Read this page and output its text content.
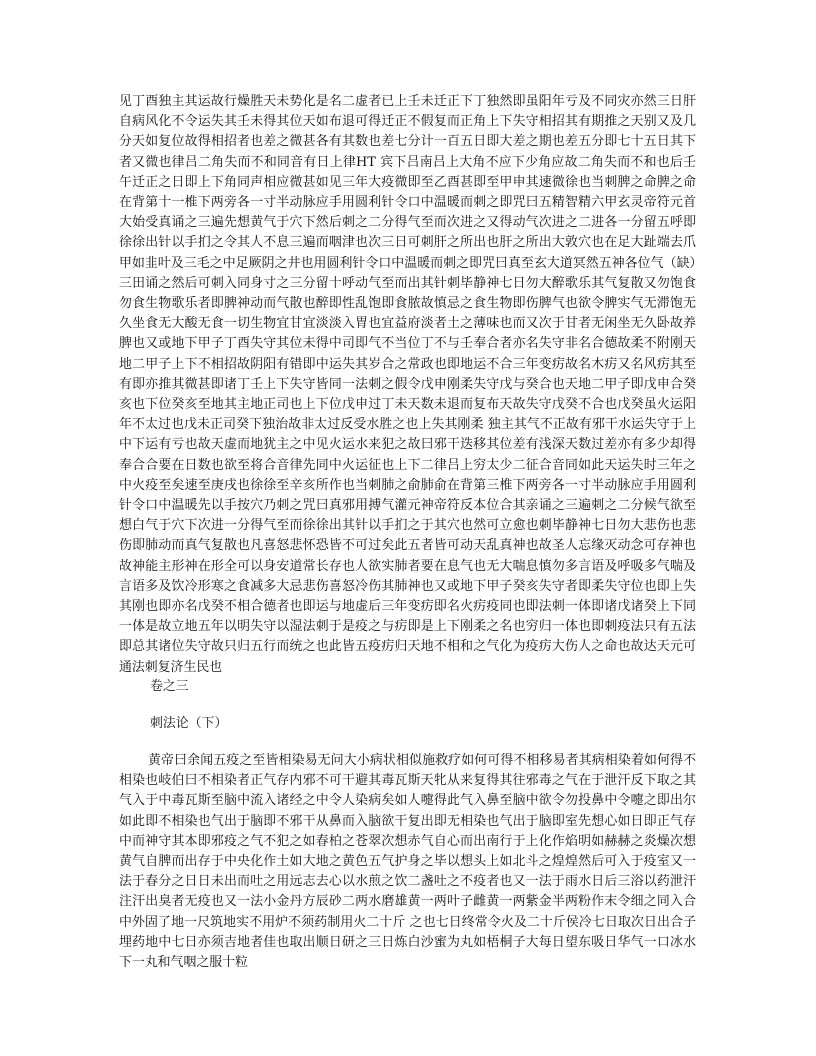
见丁酉独主其运故行燥胜天未势化是名二虚者已上壬未迁正下丁独然即虽阳年亏及不同灾亦然三日肝自病风化不令运失其壬未得其位天如布退可得迁正不假复而正角上下失守相招其有期推之天别又及几分天如复位故得相招者也差之微甚各有其数也差七分计一百五日即大差之期也差五分即七十五日其下者又微也律吕二角失而不和同音有日上律HT 宾下吕南吕上大角不应下少角应故二角失而不和也后壬午迁正之日即上下角同声相应微甚如见三年大疫微即至乙酉甚即至甲申其速微徐也当刺脾之命脾之命在背第十一椎下两旁各一寸半动脉应手用圆利针令口中温暖而刺之即咒曰五精智精六甲玄灵帝符元首大始受真诵之三遍先想黄气于穴下然后刺之二分得气至而次进之又得动气次进之二进各一分留五呼即徐徐出针以手扪之令其人不息三遍而咽津也次三日可刺肝之所出也肝之所出大敦穴也在足大趾端去爪甲如韭叶及三毛之中足厥阴之井也用圆利针令口中温暖而刺之即咒曰真至玄大道冥然五神各位气（缺）三田诵之然后可刺入同身寸之三分留十呼动气至而出其针刺毕静神七日勿大醉歌乐其气复散又勿饱食勿食生物歌乐者即脾神动而气散也醉即性乱饱即食脓故慎忌之食生物即伤脾气也欲令脾实气无滞饱无久坐食无大酸无食一切生物宜甘宜淡淡入胃也宜益府淡者土之薄味也而又次于甘者无闲坐无久卧故养脾也又或地下甲子丁酉失守其位未得中司即气不当位丁不与壬奉合者亦名失守非名合德故柔不附刚天地二甲子上下不相招故阴阳有错即中运失其岁合之常政也即地运不合三年变疠故名木疠又名风疠其至有即亦推其微甚即诸丁壬上下失守皆同一法刺之假令戊申刚柔失守戊与癸合也天地二甲子即戊申合癸亥也下位癸亥至地其主地正司也上下位戊申过丁未天数未退而复布天故失守戊癸不合也戊癸虽火运阳年不太过也戊未正司癸下独治故非太过反受水胜之也上失其刚柔 独主其气不正故有邪干水运失守于上中下运有亏也故天虚而地犹主之中见火运水来犯之故曰邪干迭移其位差有浅深天数过差亦有多少却得奉合合要在日数也欲至将合音律先同中火运征也上下二律吕上穷太少二征合音同如此天运失时三年之中火疫至矣速至庚戌也徐徐至辛亥所作也当刺肺之俞肺俞在背第三椎下两旁各一寸半动脉应手用圆利针令口中温暖先以手按穴乃刺之咒曰真邪用搏气灌元神帝符反本位合其亲诵之三遍刺之二分候气欲至想白气于穴下次进一分得气至而徐徐出其针以手扪之于其穴也然可立愈也刺毕静神七日勿大悲伤也悲伤即肺动而真气复散也凡喜怒悲怀恐皆不可过矣此五者皆可动天乱真神也故圣人忘缘灭动念可存神也故神能主形神在形全可以身安道常长存也人欲实肺者要在息气也无大喘息慎勿多言语及呼吸多气喘及言语多及饮冷形寒之食减多大忌悲伤喜怒冷伤其肺神也又或地下甲子癸亥失守者即柔失守位也即上失其刚也即亦名戊癸不相合德者也即运与地虚后三年变疠即名火疠疫同也即法刺一体即诸戊诸癸上下同一体是故立地五年以明失守以湿法刺于是疫之与疠即是上下刚柔之名也穷归一体也即刺疫法只有五法即总其诸位失守故只归五行而统之也此皆五疫疠归天地不相和之气化为疫疠大伤人之命也故达天元可通法刺复济生民也
卷之三
刺法论（下）
黄帝曰余闻五疫之至皆相染易无问大小病状相似施救疗如何可得不相移易者其病相染着如何得不相染也岐伯曰不相染者正气存内邪不可干避其毒瓦斯天牝从来复得其往邪毒之气在于泄汗反下取之其气入于中毒瓦斯至脑中流入诸经之中令人染病矣如人嚏得此气入鼻至脑中欲令勿投鼻中令嚏之即出尔如此即不相染也气出于脑即不邪干从鼻而入脑欲干复出即无相染也气出于脑即室先想心如日即正气存中而神守其本即邪疫之气不犯之如春柏之苍翠次想赤气自心而出南行于上化作焰明如赫赫之炎燥次想黄气自脾而出存于中央化作土如大地之黄色五气护身之毕以想头上如北斗之煌煌然后可入于疫室又一法于春分之日日未出而吐之用远志去心以水煎之饮二盏吐之不疫者也又一法于雨水日后三浴以药泄汗注汗出臭者无疫也又一法小金丹方辰砂二两水磨雄黄一两叶子雌黄一两紫金半两粉作末令细之同入合中外固了地一尺筑地实不用炉不须药制用火二十斤 之也七日终常令火及二十斤侯冷七日取次日出合子埋药地中七日亦须吉地者佳也取出顺日研之三日炼白沙蜜为丸如梧桐子大每日望东吸日华气一口冰水下一丸和气咽之服十粒
